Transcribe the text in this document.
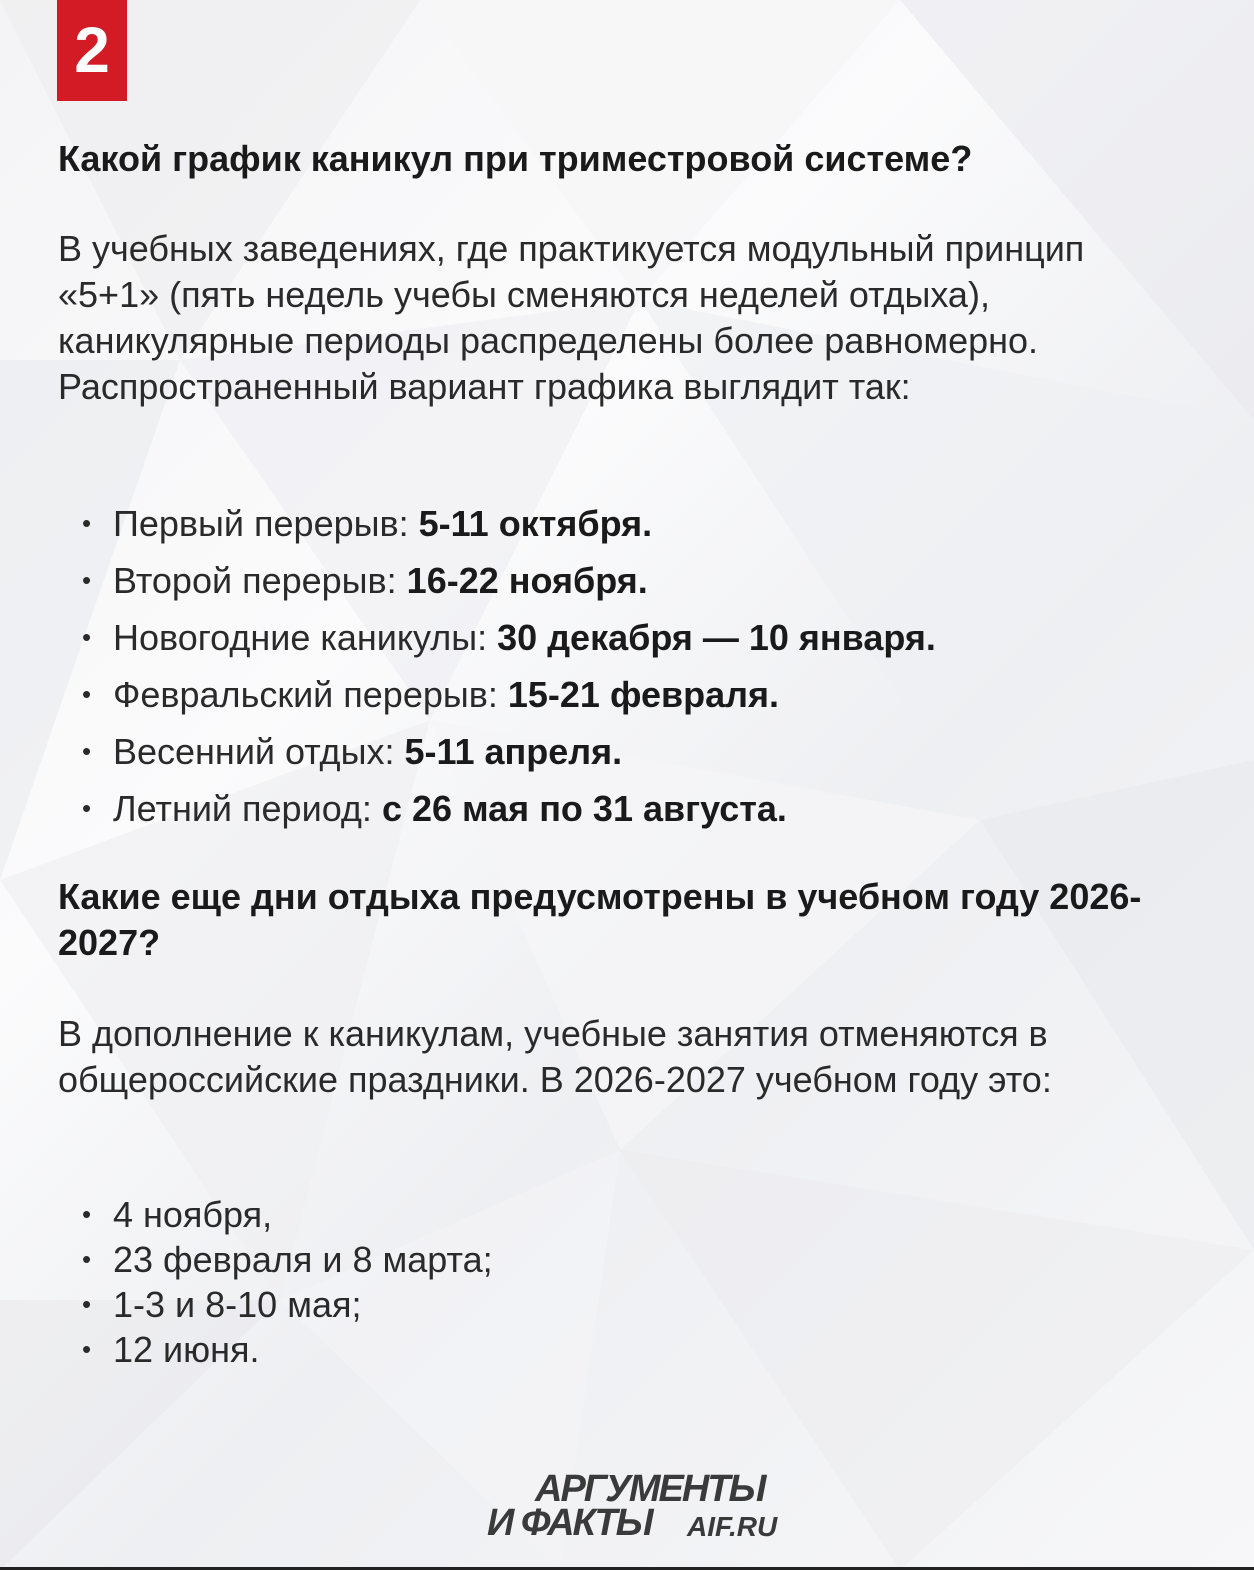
2
Какой график каникул при триместровой системе?

В учебных заведениях, где практикуется модульный принцип «5+1» (пять недель учебы сменяются неделей отдыха), каникулярные периоды распределены более равномерно. Распространенный вариант графика выглядит так:

• Первый перерыв: 5-11 октября.
• Второй перерыв: 16-22 ноября.
• Новогодние каникулы: 30 декабря — 10 января.
• Февральский перерыв: 15-21 февраля.
• Весенний отдых: 5-11 апреля.
• Летний период: с 26 мая по 31 августа.
Какие еще дни отдыха предусмотрены в учебном году 2026-2027?

В дополнение к каникулам, учебные занятия отменяются в общероссийские праздники. В 2026-2027 учебном году это:

• 4 ноября,
• 23 февраля и 8 марта;
• 1-3 и 8-10 мая;
• 12 июня.
АРГУМЕНТЫ
И ФАКТЫ AIF.RU
